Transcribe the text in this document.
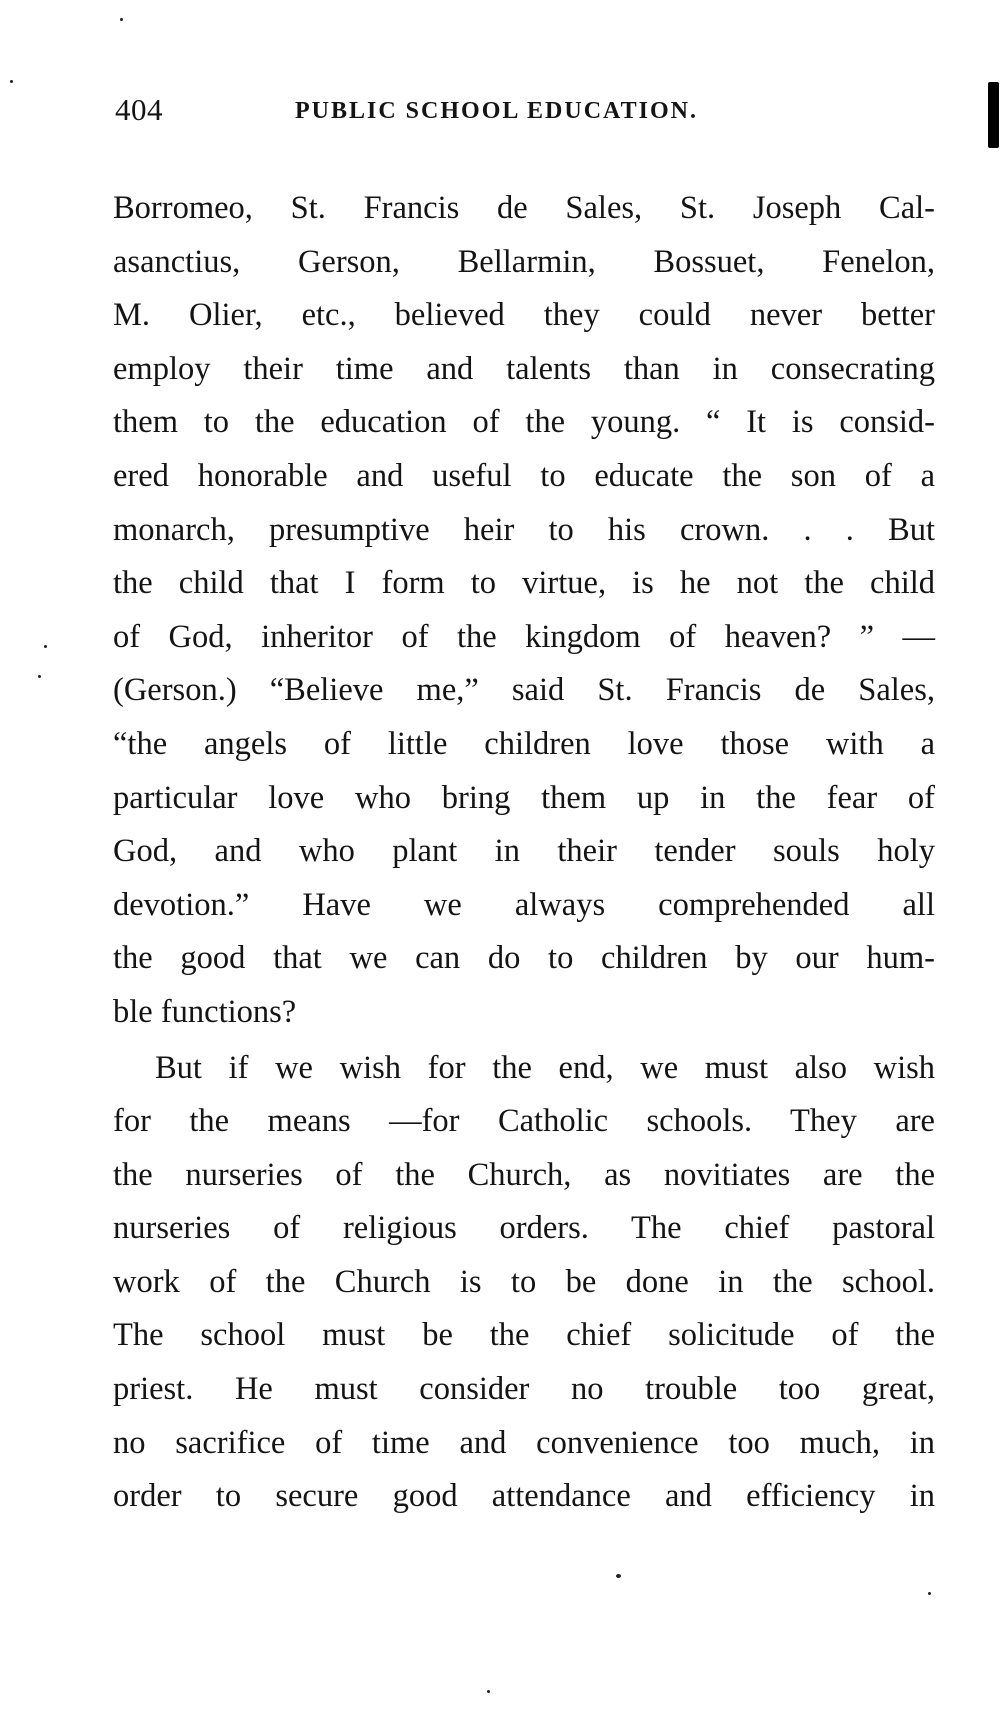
404	PUBLIC SCHOOL EDUCATION.
Borromeo, St. Francis de Sales, St. Joseph Cal-
asanctius, Gerson, Bellarmin, Bossuet, Fenelon,
M. Olier, etc., believed they could never better
employ their time and talents than in consecrating
them to the education of the young. “ It is consid-
ered honorable and useful to educate the son of a
monarch, presumptive heir to his crown. . . But
the child that I form to virtue, is he not the child
of God, inheritor of the kingdom of heaven? ” —
(Gerson.) “Believe me,” said St. Francis de Sales,
“the angels of little children love those with a
particular love who bring them up in the fear of
God, and who plant in their tender souls holy
devotion.” Have we always comprehended all
the good that we can do to children by our hum-
ble functions?
But if we wish for the end, we must also wish
for the means —for Catholic schools. They are
the nurseries of the Church, as novitiates are the
nurseries of religious orders. The chief pastoral
work of the Church is to be done in the school.
The school must be the chief solicitude of the
priest. He must consider no trouble too great,
no sacrifice of time and convenience too much, in
order to secure good attendance and efficiency in
